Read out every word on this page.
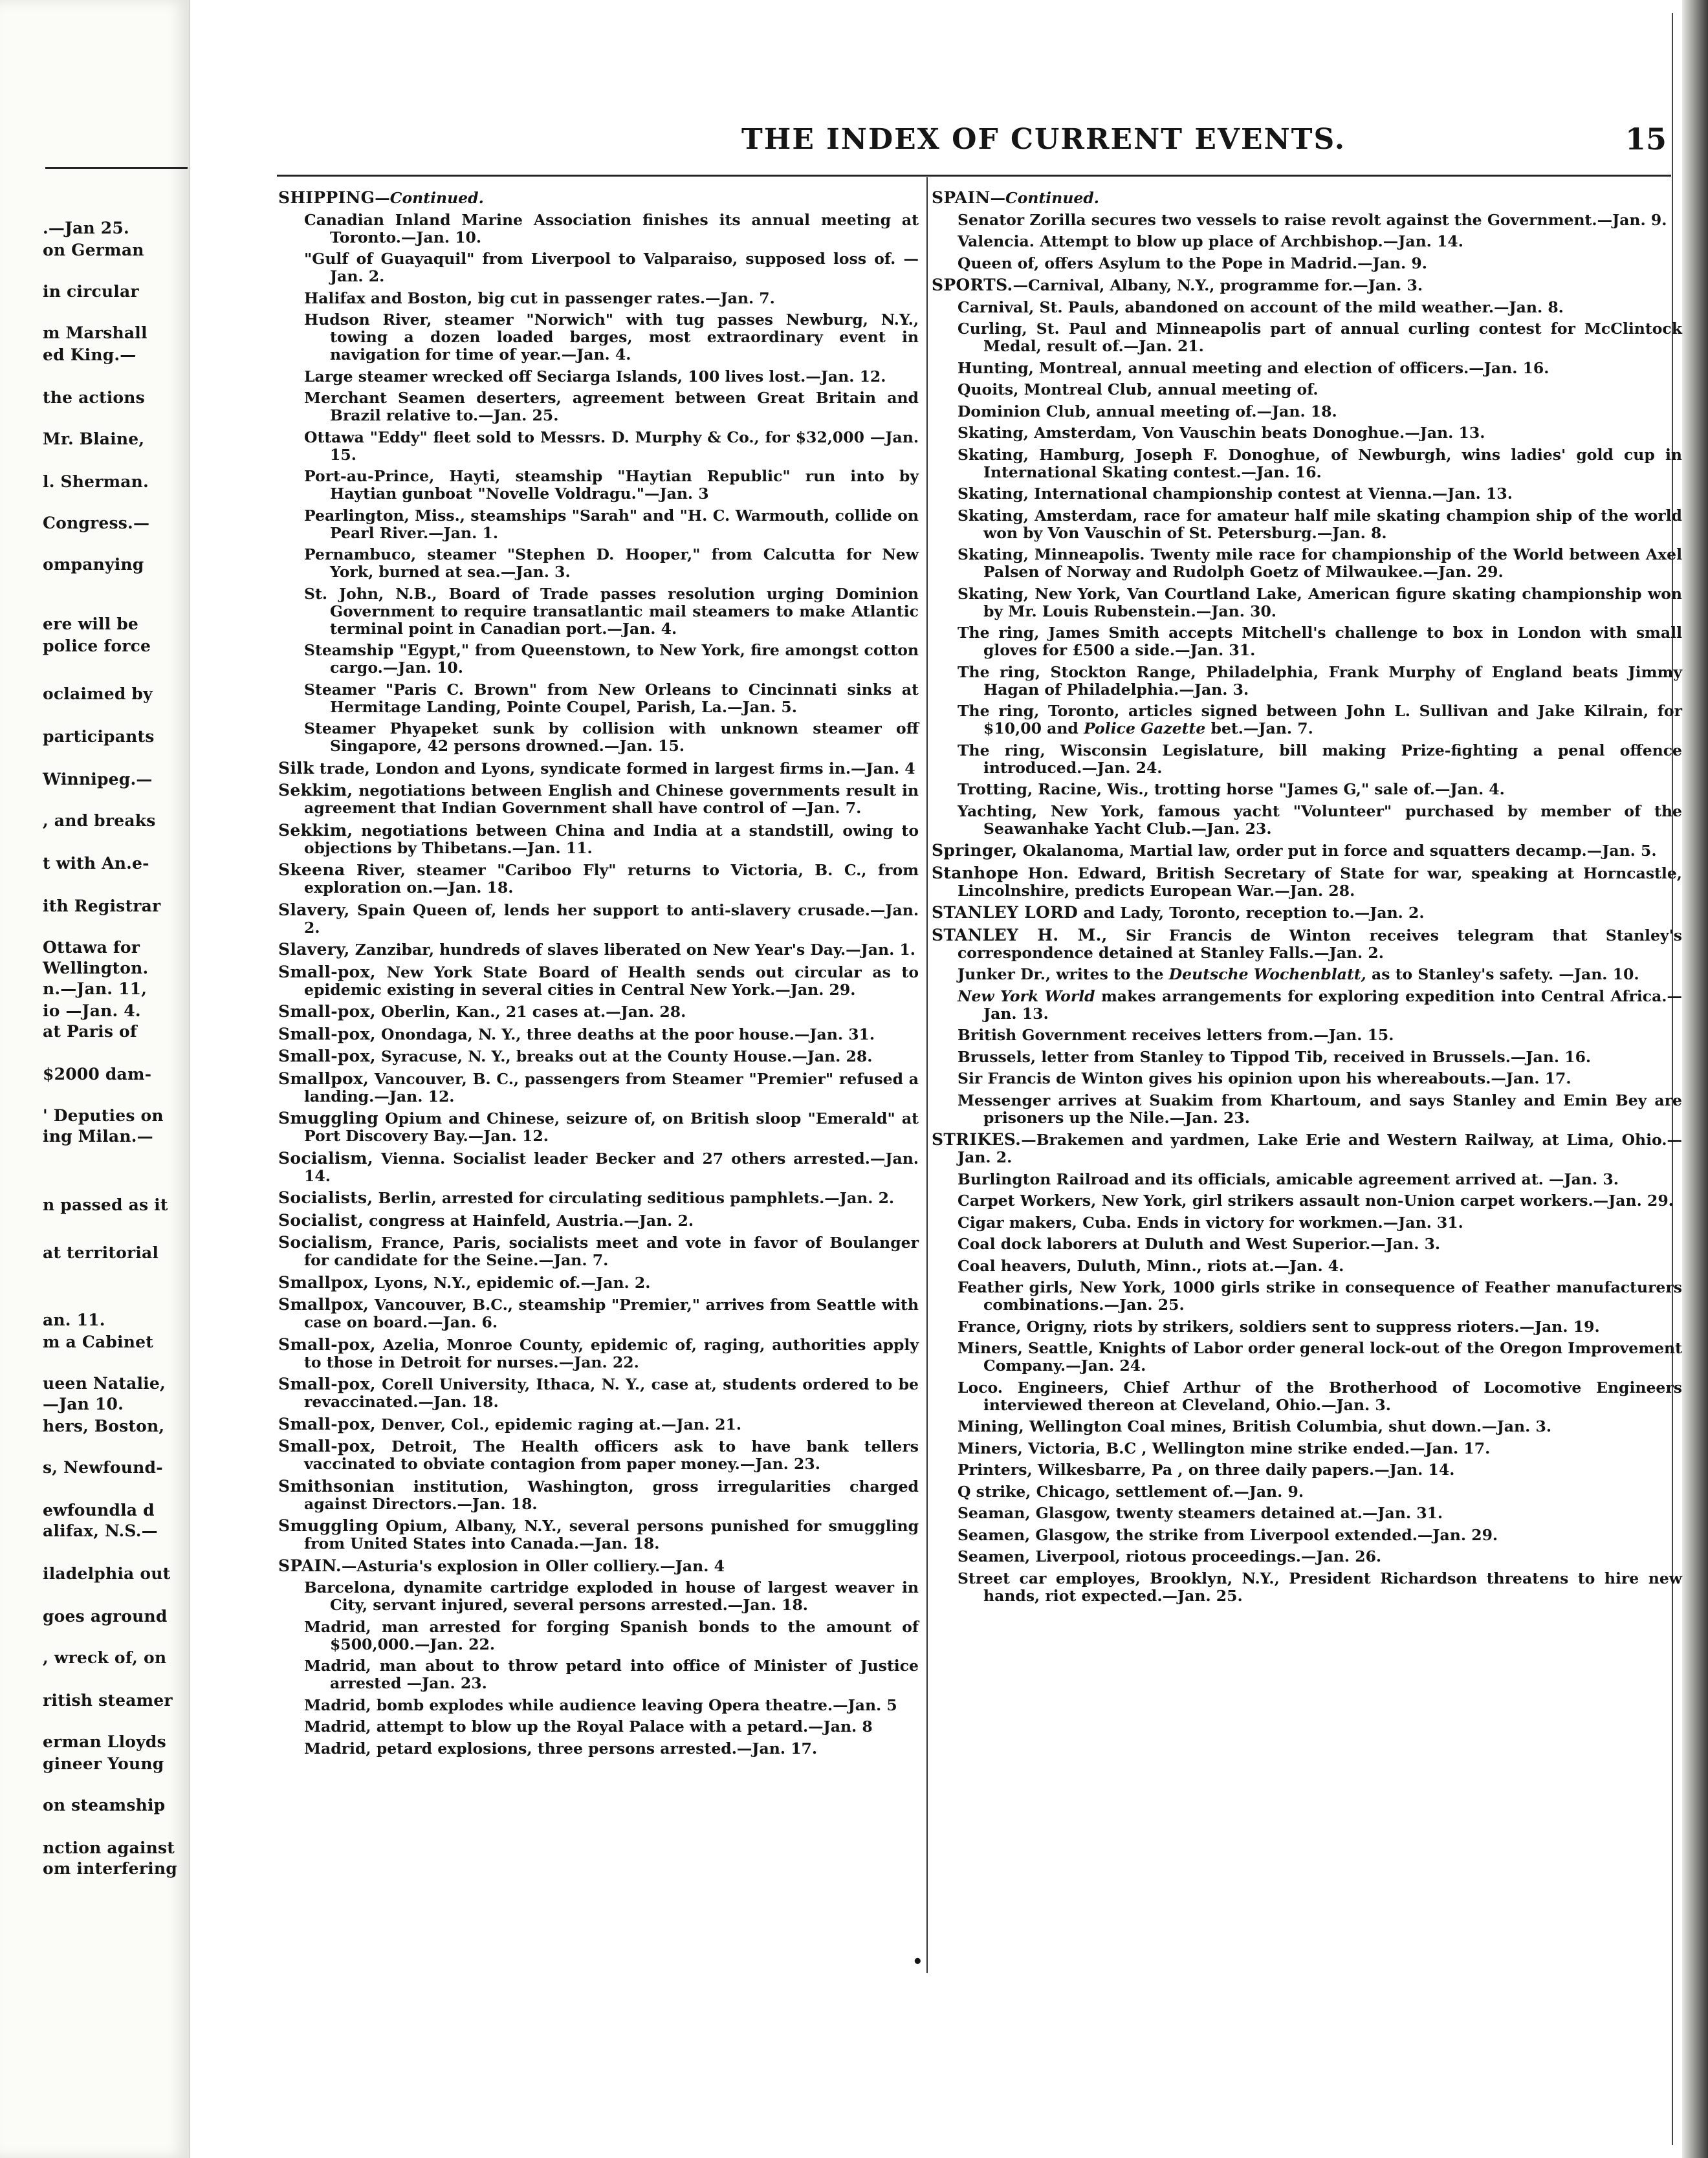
.—Jan 25.
on German
in circular
m Marshall
ed King.—
the actions
Mr. Blaine,
l. Sherman.
Congress.—
ompanying
ere will be
police force
oclaimed by
participants
Winnipeg.—
, and breaks
t with An.e-
ith Registrar
Ottawa for
Wellington.
n.—Jan. 11,
io —Jan. 4.
at Paris of
$2000 dam-
' Deputies on
ing Milan.—
n passed as it
at territorial
an. 11.
m a Cabinet
ueen Natalie,
—Jan 10.
hers, Boston,
s, Newfound-
ewfoundla d
alifax, N.S.—
iladelphia out
goes aground
, wreck of, on
ritish steamer
erman Lloyds
gineer Young
on steamship
nction against
om interfering
THE INDEX OF CURRENT EVENTS.	15
SHIPPING—Continued.
Canadian Inland Marine Association finishes its annual meeting at Toronto.—Jan. 10.
"Gulf of Guayaquil" from Liverpool to Valparaiso, supposed loss of. —Jan. 2.
Halifax and Boston, big cut in passenger rates.—Jan. 7.
Hudson River, steamer "Norwich" with tug passes Newburg, N.Y., towing a dozen loaded barges, most extraordinary event in navigation for time of year.—Jan. 4.
Large steamer wrecked off Seciarga Islands, 100 lives lost.—Jan. 12.
Merchant Seamen deserters, agreement between Great Britain and Brazil relative to.—Jan. 25.
Ottawa "Eddy" fleet sold to Messrs. D. Murphy & Co., for $32,000 —Jan. 15.
Port-au-Prince, Hayti, steamship "Haytian Republic" run into by Haytian gunboat "Novelle Voldragu."—Jan. 3
Pearlington, Miss., steamships "Sarah" and "H. C. Warmouth, collide on Pearl River.—Jan. 1.
Pernambuco, steamer "Stephen D. Hooper," from Calcutta for New York, burned at sea.—Jan. 3.
St. John, N.B., Board of Trade passes resolution urging Dominion Government to require transatlantic mail steamers to make Atlantic terminal point in Canadian port.—Jan. 4.
Steamship "Egypt," from Queenstown, to New York, fire amongst cotton cargo.—Jan. 10.
Steamer "Paris C. Brown" from New Orleans to Cincinnati sinks at Hermitage Landing, Pointe Coupel, Parish, La.—Jan. 5.
Steamer Phyapeket sunk by collision with unknown steamer off Singapore, 42 persons drowned.—Jan. 15.
Silk trade, London and Lyons, syndicate formed in largest firms in.—Jan. 4
Sekkim, negotiations between English and Chinese governments result in agreement that Indian Government shall have control of —Jan. 7.
Sekkim, negotiations between China and India at a standstill, owing to objections by Thibetans.—Jan. 11.
Skeena River, steamer "Cariboo Fly" returns to Victoria, B. C., from exploration on.—Jan. 18.
Slavery, Spain Queen of, lends her support to anti-slavery crusade.—Jan. 2.
Slavery, Zanzibar, hundreds of slaves liberated on New Year's Day.—Jan. 1.
Small-pox, New York State Board of Health sends out circular as to epidemic existing in several cities in Central New York.—Jan. 29.
Small-pox, Oberlin, Kan., 21 cases at.—Jan. 28.
Small-pox, Onondaga, N. Y., three deaths at the poor house.—Jan. 31.
Small-pox, Syracuse, N. Y., breaks out at the County House.—Jan. 28.
Smallpox, Vancouver, B. C., passengers from Steamer "Premier" refused a landing.—Jan. 12.
Smuggling Opium and Chinese, seizure of, on British sloop "Emerald" at Port Discovery Bay.—Jan. 12.
Socialism, Vienna. Socialist leader Becker and 27 others arrested.—Jan. 14.
Socialists, Berlin, arrested for circulating seditious pamphlets.—Jan. 2.
Socialist, congress at Hainfeld, Austria.—Jan. 2.
Socialism, France, Paris, socialists meet and vote in favor of Boulanger for candidate for the Seine.—Jan. 7.
Smallpox, Lyons, N.Y., epidemic of.—Jan. 2.
Smallpox, Vancouver, B.C., steamship "Premier," arrives from Seattle with case on board.—Jan. 6.
Small-pox, Azelia, Monroe County, epidemic of, raging, authorities apply to those in Detroit for nurses.—Jan. 22.
Small-pox, Corell University, Ithaca, N. Y., case at, students ordered to be revaccinated.—Jan. 18.
Small-pox, Denver, Col., epidemic raging at.—Jan. 21.
Small-pox, Detroit, The Health officers ask to have bank tellers vaccinated to obviate contagion from paper money.—Jan. 23.
Smithsonian institution, Washington, gross irregularities charged against Directors.—Jan. 18.
Smuggling Opium, Albany, N.Y., several persons punished for smuggling from United States into Canada.—Jan. 18.
SPAIN.—Asturia's explosion in Oller colliery.—Jan. 4
Barcelona, dynamite cartridge exploded in house of largest weaver in City, servant injured, several persons arrested.—Jan. 18.
Madrid, man arrested for forging Spanish bonds to the amount of $500,000.—Jan. 22.
Madrid, man about to throw petard into office of Minister of Justice arrested —Jan. 23.
Madrid, bomb explodes while audience leaving Opera theatre.—Jan. 5
Madrid, attempt to blow up the Royal Palace with a petard.—Jan. 8
Madrid, petard explosions, three persons arrested.—Jan. 17.
SPAIN—Continued.
Senator Zorilla secures two vessels to raise revolt against the Government.—Jan. 9.
Valencia. Attempt to blow up place of Archbishop.—Jan. 14.
Queen of, offers Asylum to the Pope in Madrid.—Jan. 9.
SPORTS.—Carnival, Albany, N.Y., programme for.—Jan. 3.
Carnival, St. Pauls, abandoned on account of the mild weather.—Jan. 8.
Curling, St. Paul and Minneapolis part of annual curling contest for McClintock Medal, result of.—Jan. 21.
Hunting, Montreal, annual meeting and election of officers.—Jan. 16.
Quoits, Montreal Club, annual meeting of.
Dominion Club, annual meeting of.—Jan. 18.
Skating, Amsterdam, Von Vauschin beats Donoghue.—Jan. 13.
Skating, Hamburg, Joseph F. Donoghue, of Newburgh, wins ladies' gold cup in International Skating contest.—Jan. 16.
Skating, International championship contest at Vienna.—Jan. 13.
Skating, Amsterdam, race for amateur half mile skating champion ship of the world won by Von Vauschin of St. Petersburg.—Jan. 8.
Skating, Minneapolis. Twenty mile race for championship of the World between Axel Palsen of Norway and Rudolph Goetz of Milwaukee.—Jan. 29.
Skating, New York, Van Courtland Lake, American figure skating championship won by Mr. Louis Rubenstein.—Jan. 30.
The ring, James Smith accepts Mitchell's challenge to box in London with small gloves for £500 a side.—Jan. 31.
The ring, Stockton Range, Philadelphia, Frank Murphy of England beats Jimmy Hagan of Philadelphia.—Jan. 3.
The ring, Toronto, articles signed between John L. Sullivan and Jake Kilrain, for $10,00 and Police Gazette bet.—Jan. 7.
The ring, Wisconsin Legislature, bill making Prize-fighting a penal offence introduced.—Jan. 24.
Trotting, Racine, Wis., trotting horse "James G," sale of.—Jan. 4.
Yachting, New York, famous yacht "Volunteer" purchased by member of the Seawanhake Yacht Club.—Jan. 23.
Springer, Okalanoma, Martial law, order put in force and squatters decamp.—Jan. 5.
Stanhope Hon. Edward, British Secretary of State for war, speaking at Horncastle, Lincolnshire, predicts European War.—Jan. 28.
STANLEY LORD and Lady, Toronto, reception to.—Jan. 2.
STANLEY H. M., Sir Francis de Winton receives telegram that Stanley's correspondence detained at Stanley Falls.—Jan. 2.
Junker Dr., writes to the Deutsche Wochenblatt, as to Stanley's safety. —Jan. 10.
New York World makes arrangements for exploring expedition into Central Africa.—Jan. 13.
British Government receives letters from.—Jan. 15.
Brussels, letter from Stanley to Tippod Tib, received in Brussels.—Jan. 16.
Sir Francis de Winton gives his opinion upon his whereabouts.—Jan. 17.
Messenger arrives at Suakim from Khartoum, and says Stanley and Emin Bey are prisoners up the Nile.—Jan. 23.
STRIKES.—Brakemen and yardmen, Lake Erie and Western Railway, at Lima, Ohio.—Jan. 2.
Burlington Railroad and its officials, amicable agreement arrived at. —Jan. 3.
Carpet Workers, New York, girl strikers assault non-Union carpet workers.—Jan. 29.
Cigar makers, Cuba. Ends in victory for workmen.—Jan. 31.
Coal dock laborers at Duluth and West Superior.—Jan. 3.
Coal heavers, Duluth, Minn., riots at.—Jan. 4.
Feather girls, New York, 1000 girls strike in consequence of Feather manufacturers combinations.—Jan. 25.
France, Origny, riots by strikers, soldiers sent to suppress rioters.—Jan. 19.
Miners, Seattle, Knights of Labor order general lock-out of the Oregon Improvement Company.—Jan. 24.
Loco. Engineers, Chief Arthur of the Brotherhood of Locomotive Engineers interviewed thereon at Cleveland, Ohio.—Jan. 3.
Mining, Wellington Coal mines, British Columbia, shut down.—Jan. 3.
Miners, Victoria, B.C , Wellington mine strike ended.—Jan. 17.
Printers, Wilkesbarre, Pa , on three daily papers.—Jan. 14.
Q strike, Chicago, settlement of.—Jan. 9.
Seaman, Glasgow, twenty steamers detained at.—Jan. 31.
Seamen, Glasgow, the strike from Liverpool extended.—Jan. 29.
Seamen, Liverpool, riotous proceedings.—Jan. 26.
Street car employes, Brooklyn, N.Y., President Richardson threatens to hire new hands, riot expected.—Jan. 25.
•
